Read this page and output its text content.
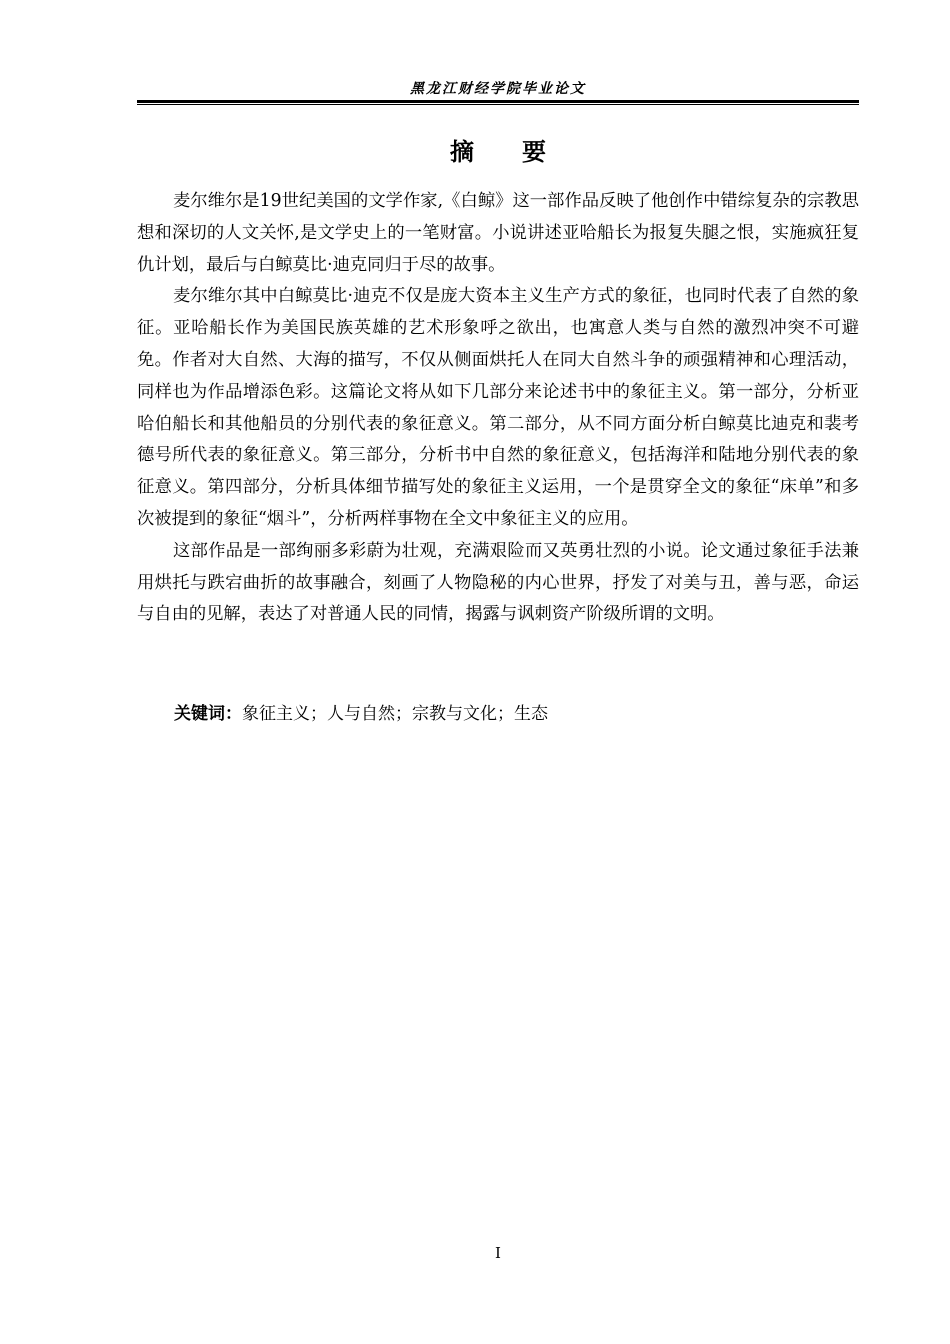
黑龙江财经学院毕业论文
摘　　要

麦尔维尔是19世纪美国的文学作家,《白鲸》这一部作品反映了他创作中错综复杂的宗教思想和深切的人文关怀,是文学史上的一笔财富。小说讲述亚哈船长为报复失腿之恨，实施疯狂复仇计划，最后与白鲸莫比·迪克同归于尽的故事。

麦尔维尔其中白鲸莫比·迪克不仅是庞大资本主义生产方式的象征，也同时代表了自然的象征。亚哈船长作为美国民族英雄的艺术形象呼之欲出，也寓意人类与自然的激烈冲突不可避免。作者对大自然、大海的描写，不仅从侧面烘托人在同大自然斗争的顽强精神和心理活动，同样也为作品增添色彩。这篇论文将从如下几部分来论述书中的象征主义。第一部分，分析亚哈伯船长和其他船员的分别代表的象征意义。第二部分，从不同方面分析白鲸莫比迪克和裴考德号所代表的象征意义。第三部分，分析书中自然的象征意义，包括海洋和陆地分别代表的象征意义。第四部分，分析具体细节描写处的象征主义运用，一个是贯穿全文的象征“床单”和多次被提到的象征“烟斗”，分析两样事物在全文中象征主义的应用。

这部作品是一部绚丽多彩蔚为壮观，充满艰险而又英勇壮烈的小说。论文通过象征手法兼用烘托与跌宕曲折的故事融合，刻画了人物隐秘的内心世界，抒发了对美与丑，善与恶，命运与自由的见解，表达了对普通人民的同情，揭露与讽刺资产阶级所谓的文明。

关键词：象征主义；人与自然；宗教与文化；生态
I
